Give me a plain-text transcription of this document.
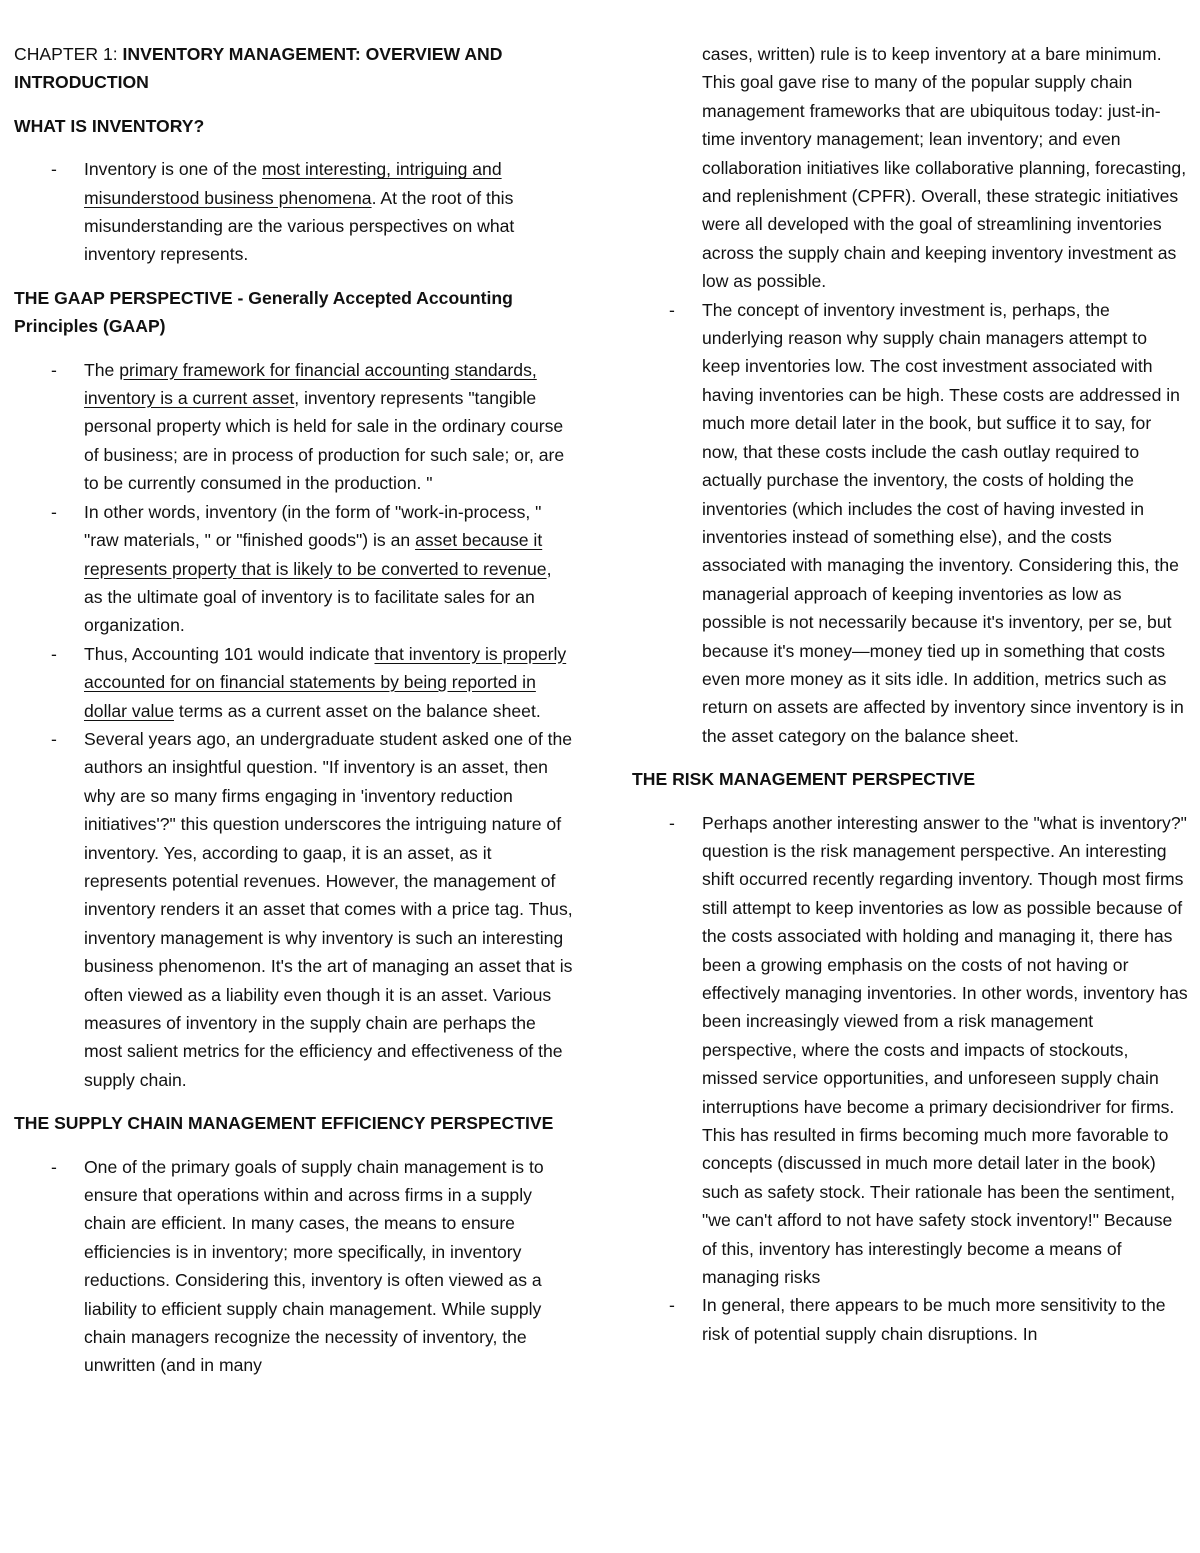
CHAPTER 1: INVENTORY MANAGEMENT: OVERVIEW AND INTRODUCTION
WHAT IS INVENTORY?
- Inventory is one of the most interesting, intriguing and misunderstood business phenomena. At the root of this misunderstanding are the various perspectives on what inventory represents.
THE GAAP PERSPECTIVE - Generally Accepted Accounting Principles (GAAP)
- The primary framework for financial accounting standards, inventory is a current asset, inventory represents "tangible personal property which is held for sale in the ordinary course of business; are in process of production for such sale; or, are to be currently consumed in the production. "
- In other words, inventory (in the form of "work-in-process, " "raw materials, " or "finished goods") is an asset because it represents property that is likely to be converted to revenue, as the ultimate goal of inventory is to facilitate sales for an organization.
- Thus, Accounting 101 would indicate that inventory is properly accounted for on financial statements by being reported in dollar value terms as a current asset on the balance sheet.
- Several years ago, an undergraduate student asked one of the authors an insightful question. "If inventory is an asset, then why are so many firms engaging in 'inventory reduction initiatives'?" this question underscores the intriguing nature of inventory. Yes, according to gaap, it is an asset, as it represents potential revenues. However, the management of inventory renders it an asset that comes with a price tag. Thus, inventory management is why inventory is such an interesting business phenomenon. It's the art of managing an asset that is often viewed as a liability even though it is an asset. Various measures of inventory in the supply chain are perhaps the most salient metrics for the efficiency and effectiveness of the supply chain.
THE SUPPLY CHAIN MANAGEMENT EFFICIENCY PERSPECTIVE
- One of the primary goals of supply chain management is to ensure that operations within and across firms in a supply chain are efficient. In many cases, the means to ensure efficiencies is in inventory; more specifically, in inventory reductions. Considering this, inventory is often viewed as a liability to efficient supply chain management. While supply chain managers recognize the necessity of inventory, the unwritten (and in many
cases, written) rule is to keep inventory at a bare minimum. This goal gave rise to many of the popular supply chain management frameworks that are ubiquitous today: just-in-time inventory management; lean inventory; and even collaboration initiatives like collaborative planning, forecasting, and replenishment (CPFR). Overall, these strategic initiatives were all developed with the goal of streamlining inventories across the supply chain and keeping inventory investment as low as possible.
- The concept of inventory investment is, perhaps, the underlying reason why supply chain managers attempt to keep inventories low. The cost investment associated with having inventories can be high. These costs are addressed in much more detail later in the book, but suffice it to say, for now, that these costs include the cash outlay required to actually purchase the inventory, the costs of holding the inventories (which includes the cost of having invested in inventories instead of something else), and the costs associated with managing the inventory. Considering this, the managerial approach of keeping inventories as low as possible is not necessarily because it's inventory, per se, but because it's money—money tied up in something that costs even more money as it sits idle. In addition, metrics such as return on assets are affected by inventory since inventory is in the asset category on the balance sheet.
THE RISK MANAGEMENT PERSPECTIVE
- Perhaps another interesting answer to the "what is inventory?" question is the risk management perspective. An interesting shift occurred recently regarding inventory. Though most firms still attempt to keep inventories as low as possible because of the costs associated with holding and managing it, there has been a growing emphasis on the costs of not having or effectively managing inventories. In other words, inventory has been increasingly viewed from a risk management perspective, where the costs and impacts of stockouts, missed service opportunities, and unforeseen supply chain interruptions have become a primary decisiondriver for firms. This has resulted in firms becoming much more favorable to concepts (discussed in much more detail later in the book) such as safety stock. Their rationale has been the sentiment, "we can't afford to not have safety stock inventory!" Because of this, inventory has interestingly become a means of managing risks
- In general, there appears to be much more sensitivity to the risk of potential supply chain disruptions. In
